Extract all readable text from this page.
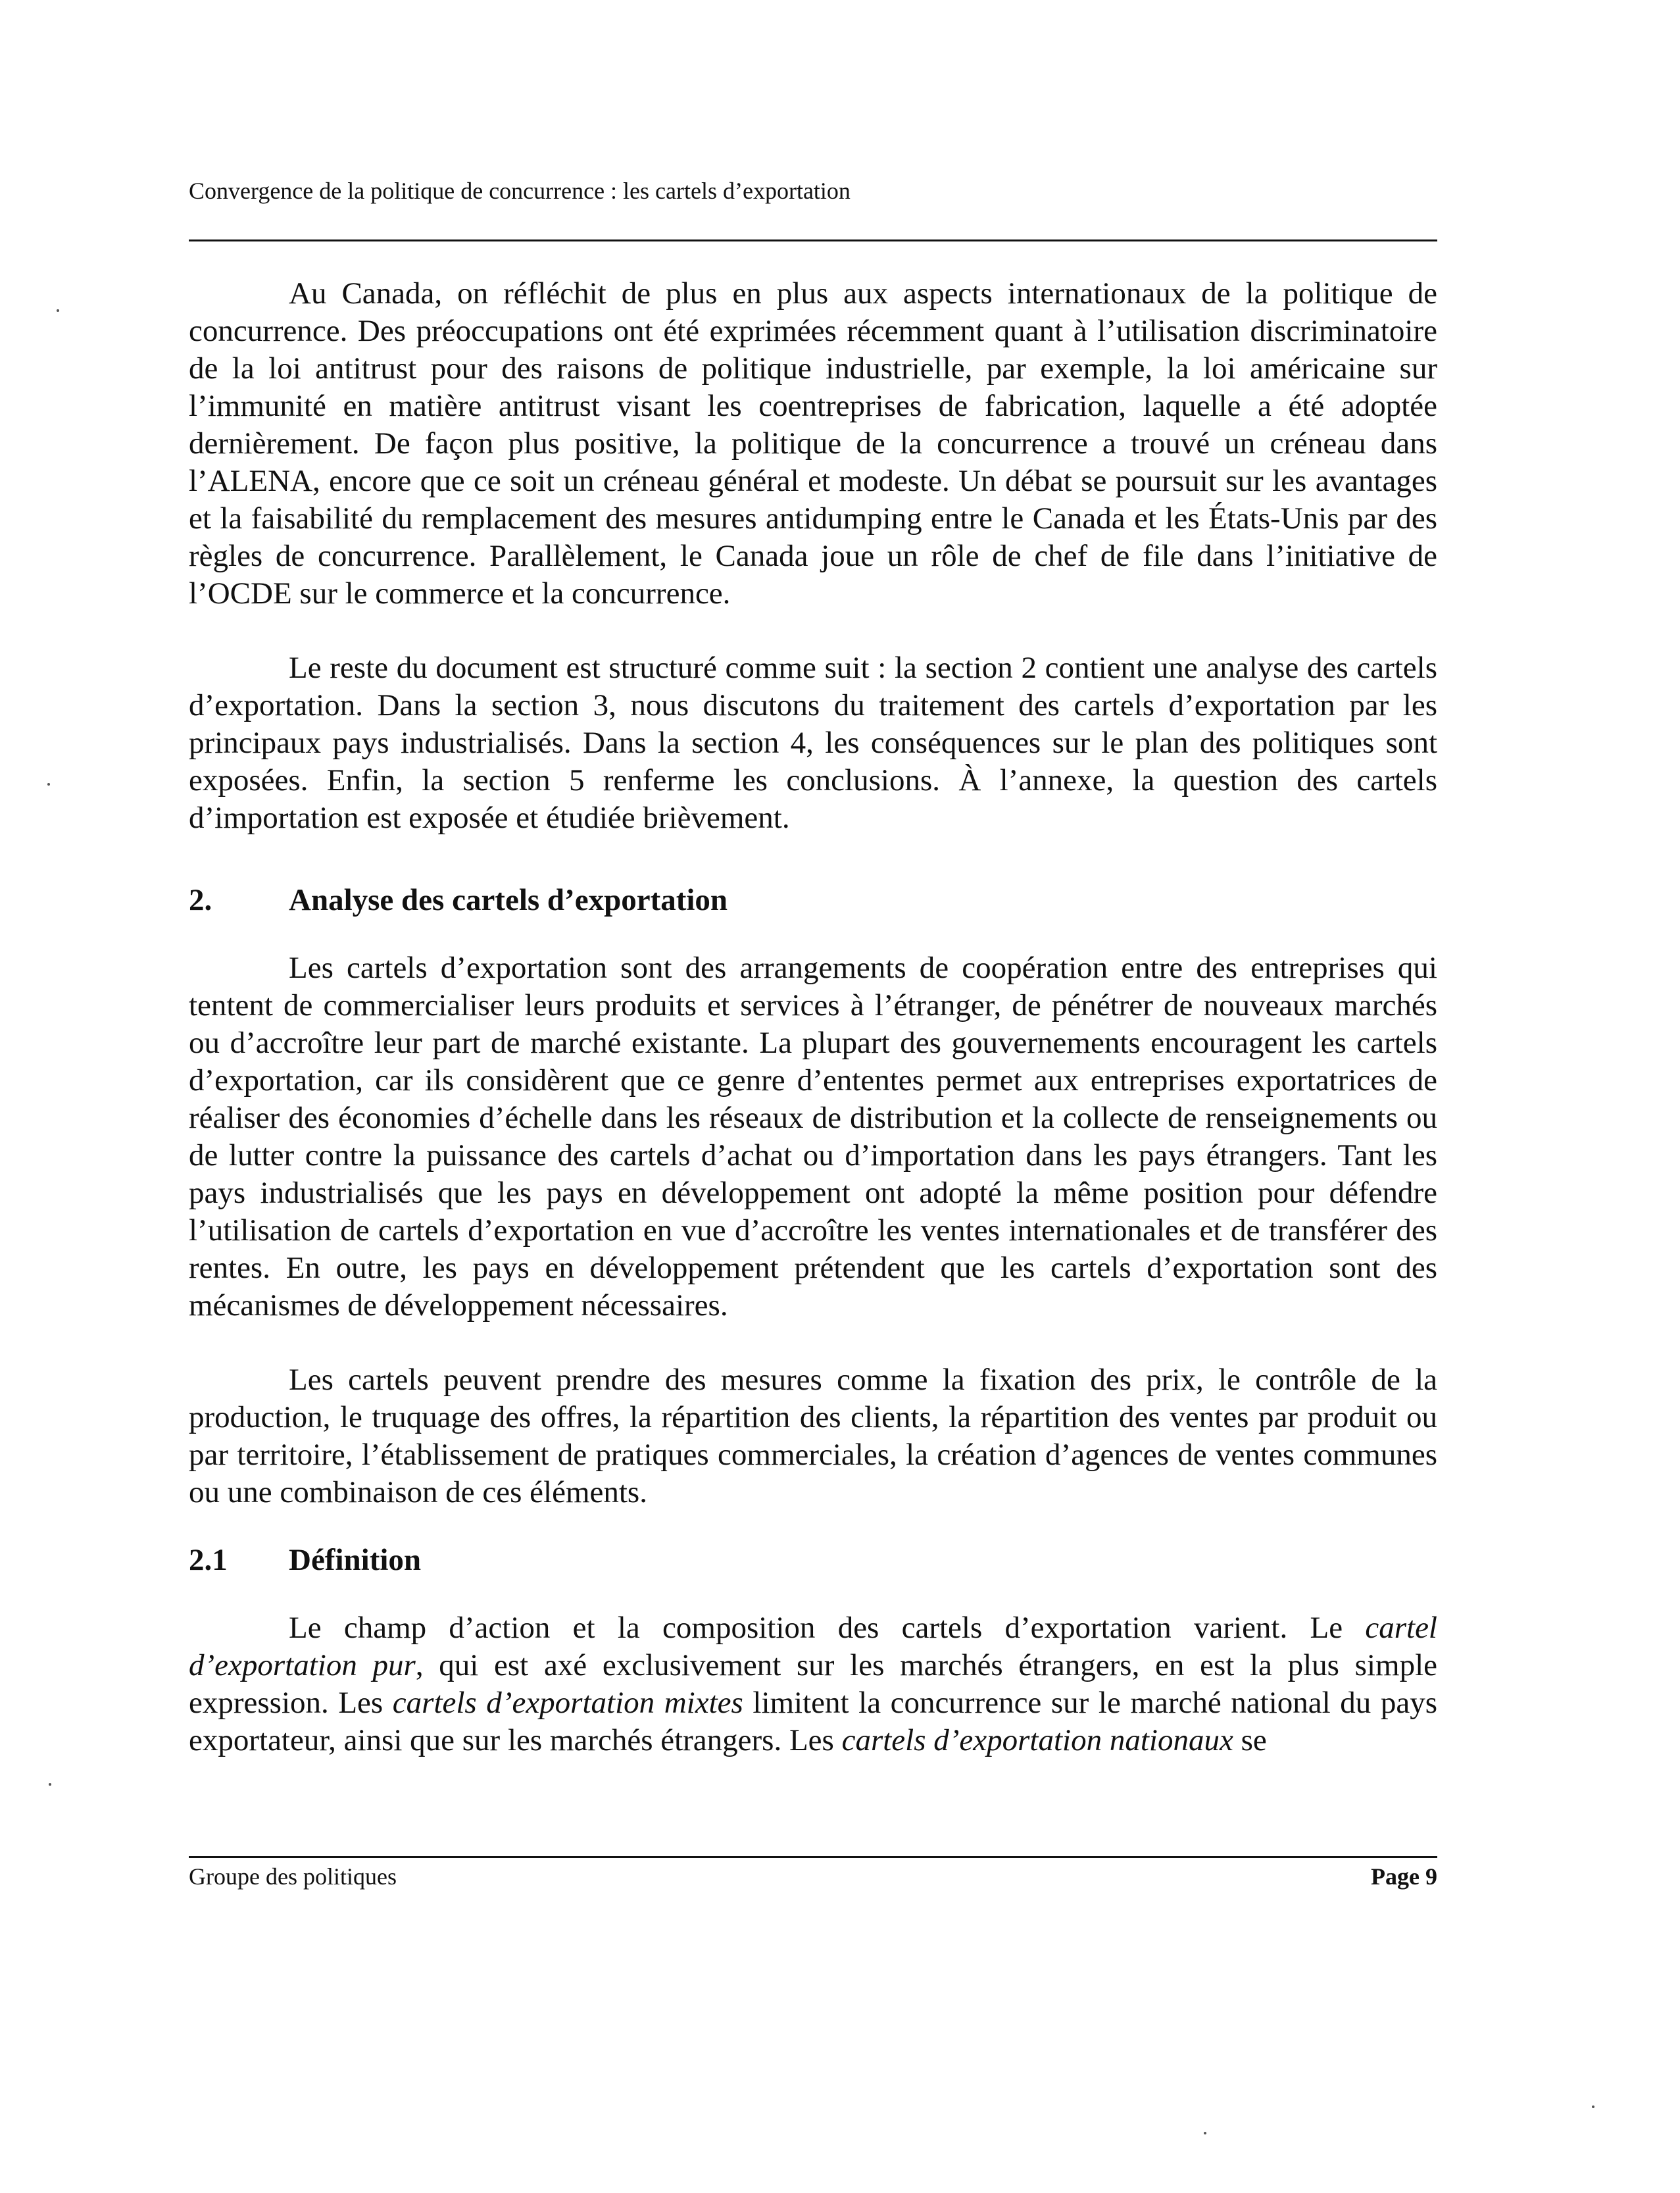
Convergence de la politique de concurrence : les cartels d’exportation

Au Canada, on réfléchit de plus en plus aux aspects internationaux de la politique de concurrence. Des préoccupations ont été exprimées récemment quant à l’utilisation discriminatoire de la loi antitrust pour des raisons de politique industrielle, par exemple, la loi américaine sur l’immunité en matière antitrust visant les coentreprises de fabrication, laquelle a été adoptée dernièrement. De façon plus positive, la politique de la concurrence a trouvé un créneau dans l’ALENA, encore que ce soit un créneau général et modeste. Un débat se poursuit sur les avantages et la faisabilité du remplacement des mesures antidumping entre le Canada et les États-Unis par des règles de concurrence. Parallèlement, le Canada joue un rôle de chef de file dans l’initiative de l’OCDE sur le commerce et la concurrence.

Le reste du document est structuré comme suit : la section 2 contient une analyse des cartels d’exportation. Dans la section 3, nous discutons du traitement des cartels d’exportation par les principaux pays industrialisés. Dans la section 4, les conséquences sur le plan des politiques sont exposées. Enfin, la section 5 renferme les conclusions. À l’annexe, la question des cartels d’importation est exposée et étudiée brièvement.

2.	Analyse des cartels d’exportation

Les cartels d’exportation sont des arrangements de coopération entre des entreprises qui tentent de commercialiser leurs produits et services à l’étranger, de pénétrer de nouveaux marchés ou d’accroître leur part de marché existante. La plupart des gouvernements encouragent les cartels d’exportation, car ils considèrent que ce genre d’ententes permet aux entreprises exportatrices de réaliser des économies d’échelle dans les réseaux de distribution et la collecte de renseignements ou de lutter contre la puissance des cartels d’achat ou d’importation dans les pays étrangers. Tant les pays industrialisés que les pays en développement ont adopté la même position pour défendre l’utilisation de cartels d’exportation en vue d’accroître les ventes internationales et de transférer des rentes. En outre, les pays en développement prétendent que les cartels d’exportation sont des mécanismes de développement nécessaires.

Les cartels peuvent prendre des mesures comme la fixation des prix, le contrôle de la production, le truquage des offres, la répartition des clients, la répartition des ventes par produit ou par territoire, l’établissement de pratiques commerciales, la création d’agences de ventes communes ou une combinaison de ces éléments.

2.1	Définition

Le champ d’action et la composition des cartels d’exportation varient. Le cartel d’exportation pur, qui est axé exclusivement sur les marchés étrangers, en est la plus simple expression. Les cartels d’exportation mixtes limitent la concurrence sur le marché national du pays exportateur, ainsi que sur les marchés étrangers. Les cartels d’exportation nationaux se

Groupe des politiques	Page 9
